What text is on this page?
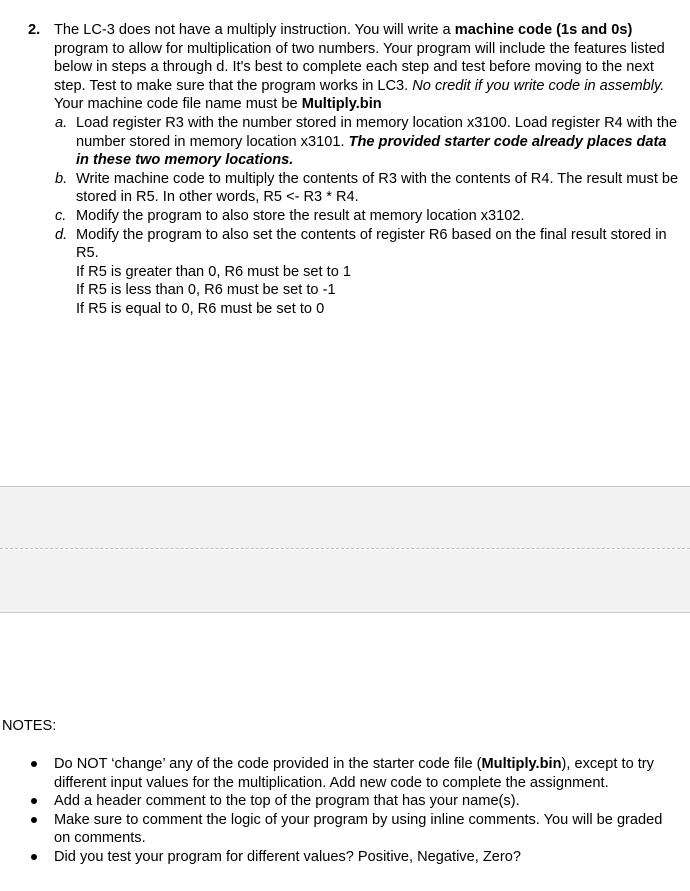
2. The LC-3 does not have a multiply instruction. You will write a machine code (1s and 0s) program to allow for multiplication of two numbers. Your program will include the features listed below in steps a through d. It's best to complete each step and test before moving to the next step. Test to make sure that the program works in LC3. No credit if you write code in assembly. Your machine code file name must be Multiply.bin
a. Load register R3 with the number stored in memory location x3100. Load register R4 with the number stored in memory location x3101. The provided starter code already places data in these two memory locations.
b. Write machine code to multiply the contents of R3 with the contents of R4. The result must be stored in R5. In other words, R5 <- R3 * R4.
c. Modify the program to also store the result at memory location x3102.
d. Modify the program to also set the contents of register R6 based on the final result stored in R5.
If R5 is greater than 0, R6 must be set to 1
If R5 is less than 0, R6 must be set to -1
If R5 is equal to 0, R6 must be set to 0
NOTES:
Do NOT ‘change’ any of the code provided in the starter code file (Multiply.bin), except to try different input values for the multiplication. Add new code to complete the assignment.
Add a header comment to the top of the program that has your name(s).
Make sure to comment the logic of your program by using inline comments. You will be graded on comments.
Did you test your program for different values? Positive, Negative, Zero?
